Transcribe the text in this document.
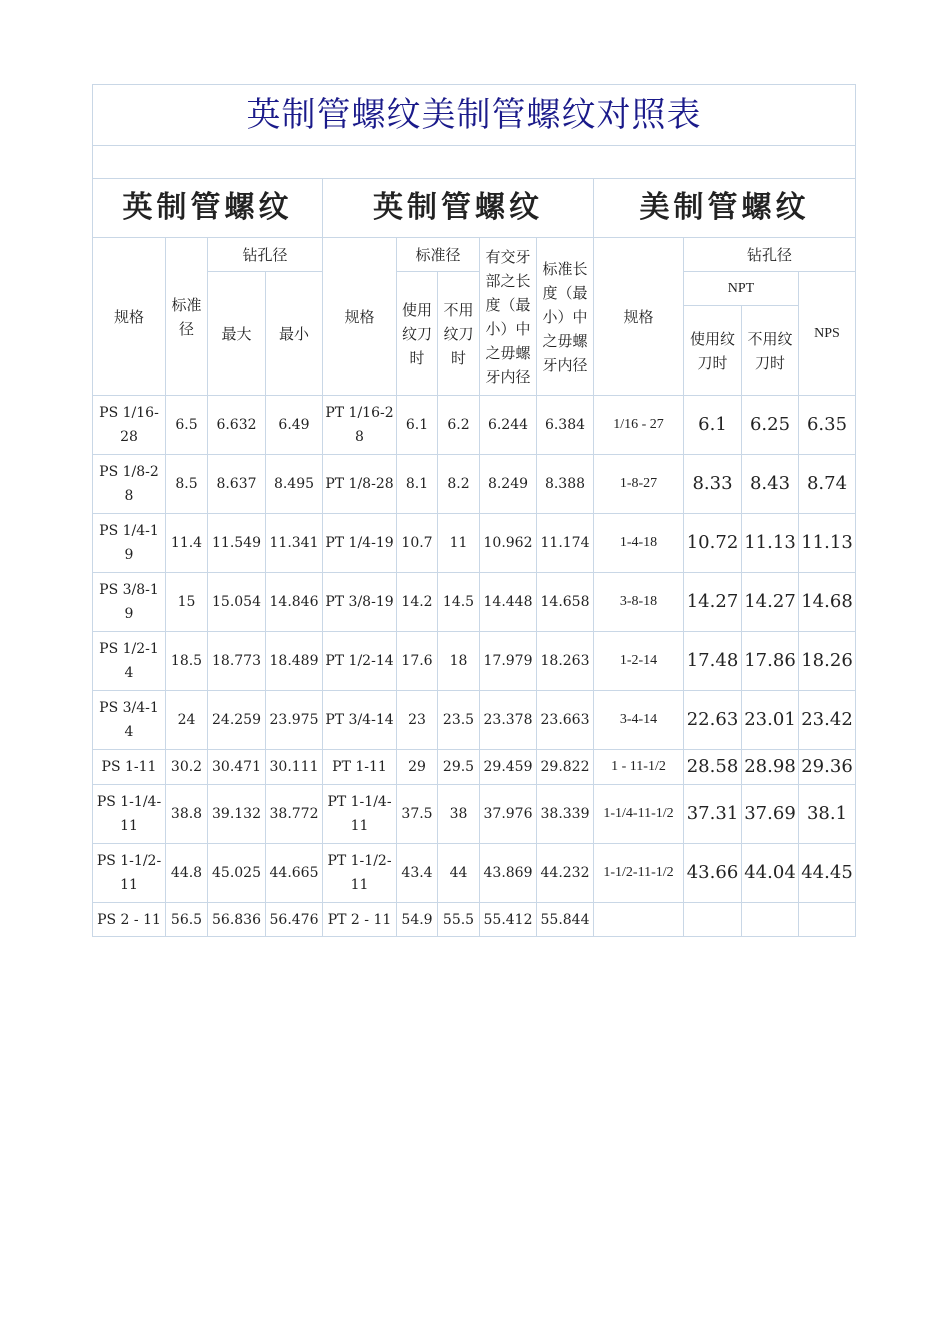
英制管螺纹美制管螺纹对照表												

英制管螺纹				英制管螺纹					美制管螺纹			
规格	标准径	钻孔径		规格	标准径		有交牙部之长度（最小）中之毋螺牙内径	标准长度（最小）中之毋螺牙内径	规格	钻孔径		
		最大	最小		使用纹刀时	不用纹刀时				NPT		NPS
										使用纹刀时	不用纹刀时	
PS 1/16-28	6.5	6.632	6.49	PT 1/16-28	6.1	6.2	6.244	6.384	1/16 - 27	6.1	6.25	6.35
PS 1/8-28	8.5	8.637	8.495	PT 1/8-28	8.1	8.2	8.249	8.388	1-8-27	8.33	8.43	8.74
PS 1/4-19	11.4	11.549	11.341	PT 1/4-19	10.7	11	10.962	11.174	1-4-18	10.72	11.13	11.13
PS 3/8-19	15	15.054	14.846	PT 3/8-19	14.2	14.5	14.448	14.658	3-8-18	14.27	14.27	14.68
PS 1/2-14	18.5	18.773	18.489	PT 1/2-14	17.6	18	17.979	18.263	1-2-14	17.48	17.86	18.26
PS 3/4-14	24	24.259	23.975	PT 3/4-14	23	23.5	23.378	23.663	3-4-14	22.63	23.01	23.42
PS 1-11	30.2	30.471	30.111	PT 1-11	29	29.5	29.459	29.822	1 - 11-1/2	28.58	28.98	29.36
PS 1-1/4-11	38.8	39.132	38.772	PT 1-1/4-11	37.5	38	37.976	38.339	1-1/4-11-1/2	37.31	37.69	38.1
PS 1-1/2-11	44.8	45.025	44.665	PT 1-1/2-11	43.4	44	43.869	44.232	1-1/2-11-1/2	43.66	44.04	44.45
PS 2 - 11	56.5	56.836	56.476	PT 2 - 11	54.9	55.5	55.412	55.844				
